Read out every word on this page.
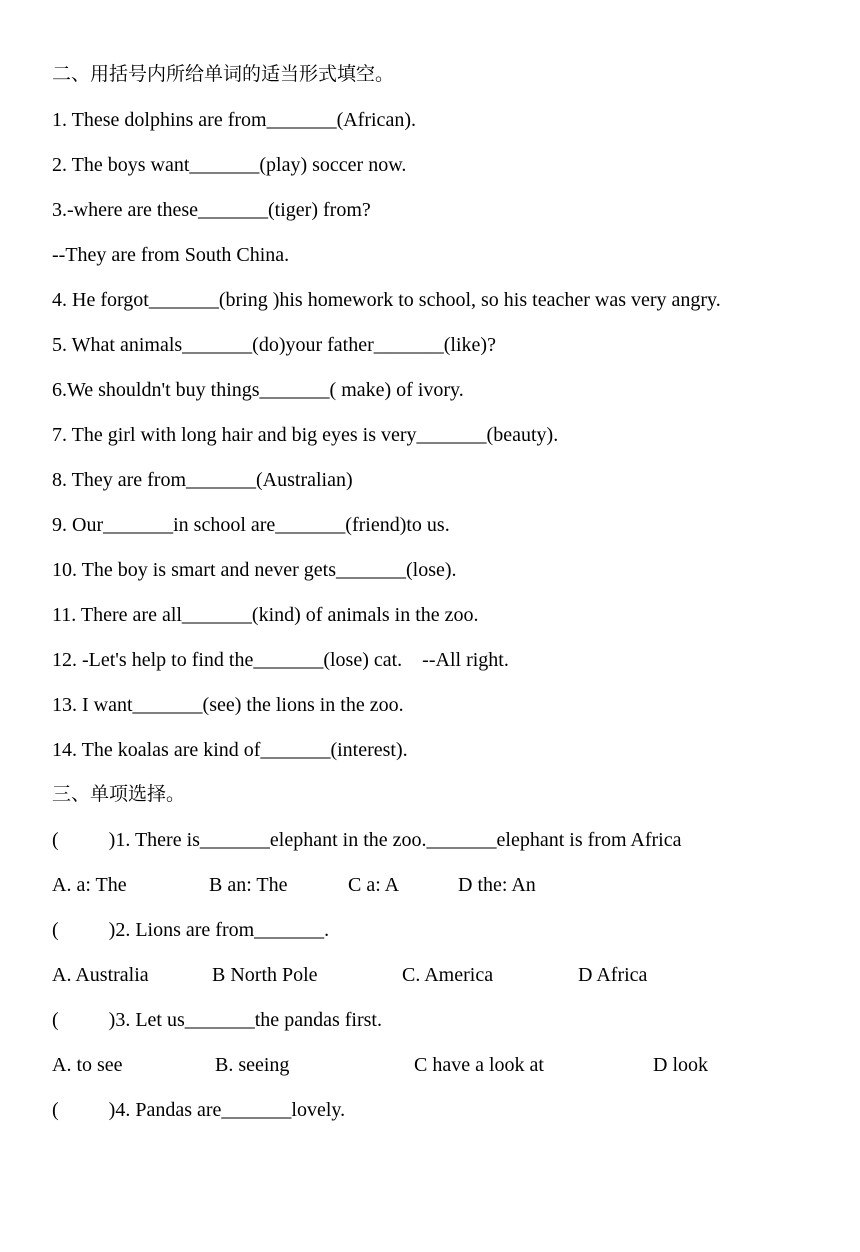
二、用括号内所给单词的适当形式填空。
1. These dolphins are from_______(African).
2. The boys want_______(play) soccer now.
3.-where are these_______(tiger) from?
--They are from South China.
4. He forgot_______(bring )his homework to school, so his teacher was very angry.
5. What animals_______(do)your father_______(like)?
6.We shouldn't buy things_______( make) of ivory.
7. The girl with long hair and big eyes is very_______(beauty).
8. They are from_______(Australian)
9. Our_______in school are_______(friend)to us.
10. The boy is smart and never gets_______(lose).
11. There are all_______(kind) of animals in the zoo.
12. -Let's help to find the_______(lose) cat.    --All right.
13. I want_______(see) the lions in the zoo.
14. The koalas are kind of_______(interest).
三、单项选择。
(          )1. There is_______elephant in the zoo._______elephant is from Africa

A. a: The

	B an: The

	C a: A

	D the: An

(          )2. Lions are from_______.

A. Australia

	B North Pole

	C. America

	D Africa

(          )3. Let us_______the pandas first.

A. to see

	B. seeing

	C have a look at

	D look

(          )4. Pandas are_______lovely.
